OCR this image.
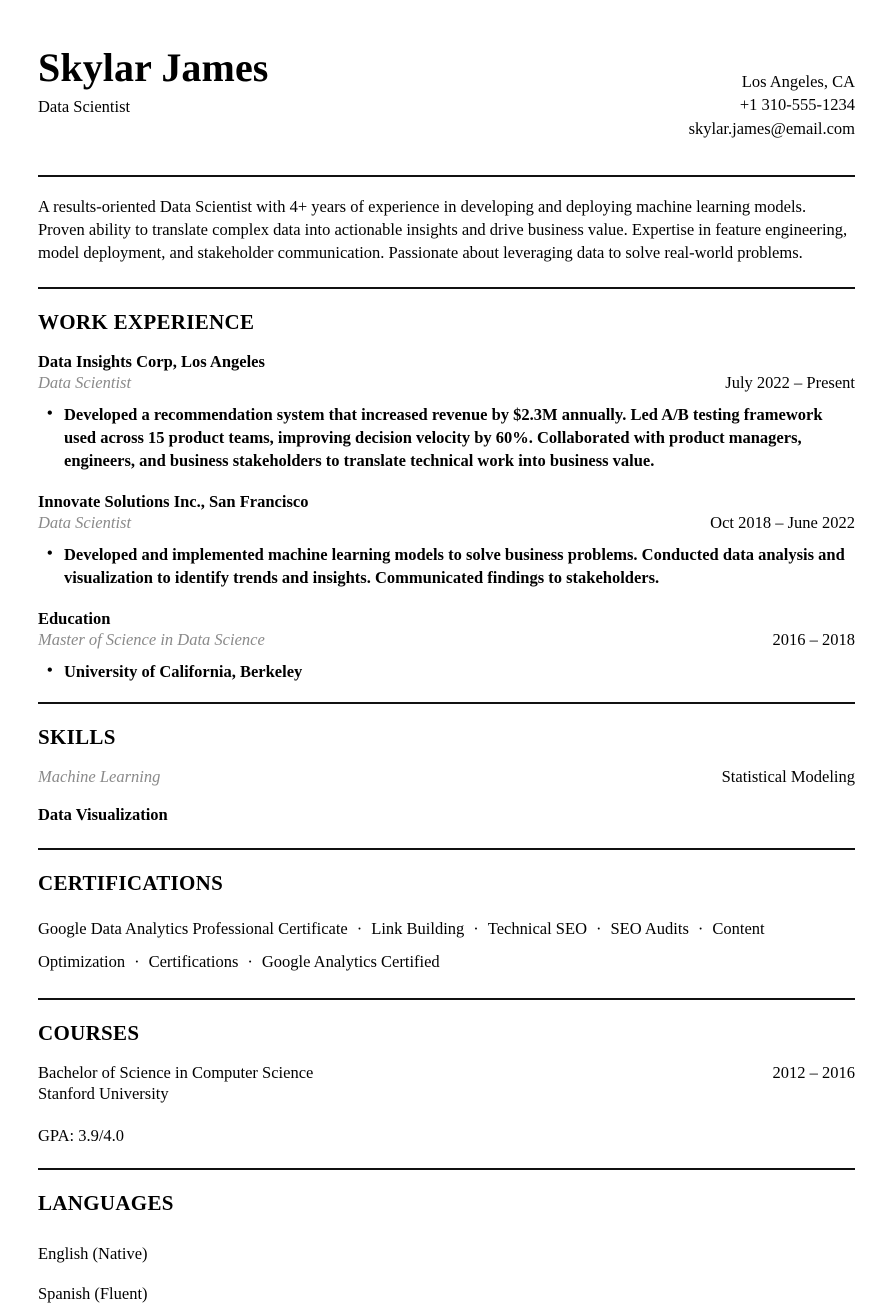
Skylar James
Data Scientist
Los Angeles, CA
+1 310-555-1234
skylar.james@email.com
A results-oriented Data Scientist with 4+ years of experience in developing and deploying machine learning models. Proven ability to translate complex data into actionable insights and drive business value. Expertise in feature engineering, model deployment, and stakeholder communication. Passionate about leveraging data to solve real-world problems.
WORK EXPERIENCE
Data Insights Corp, Los Angeles
Data Scientist	July 2022 – Present
• Developed a recommendation system that increased revenue by $2.3M annually. Led A/B testing framework used across 15 product teams, improving decision velocity by 60%. Collaborated with product managers, engineers, and business stakeholders to translate technical work into business value.
Innovate Solutions Inc., San Francisco
Data Scientist	Oct 2018 – June 2022
• Developed and implemented machine learning models to solve business problems. Conducted data analysis and visualization to identify trends and insights. Communicated findings to stakeholders.
Education
Master of Science in Data Science	2016 – 2018
• University of California, Berkeley
SKILLS
Machine Learning	Statistical Modeling
Data Visualization
CERTIFICATIONS
Google Data Analytics Professional Certificate · Link Building · Technical SEO · SEO Audits · Content Optimization · Certifications · Google Analytics Certified
COURSES
Bachelor of Science in Computer Science	2012 – 2016
Stanford University
GPA: 3.9/4.0
LANGUAGES
English (Native)
Spanish (Fluent)
